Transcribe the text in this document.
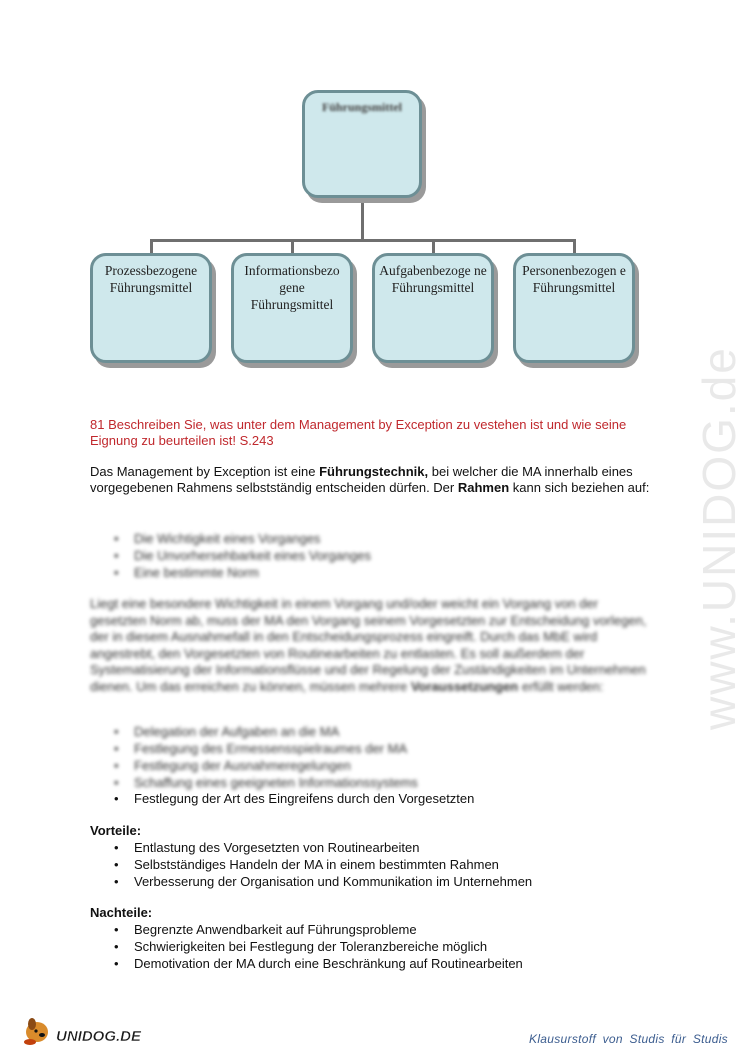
Führungsmittel
Prozessbezogene Führungsmittel
Informationsbezo gene Führungsmittel
Aufgabenbezoge ne Führungsmittel
Personenbezogen e Führungsmittel
81 Beschreiben Sie, was unter dem Management by Exception zu vestehen ist und wie seine Eignung zu beurteilen ist! S.243
Das Management by Exception ist eine Führungstechnik, bei welcher die MA innerhalb eines vorgegebenen Rahmens selbstständig entscheiden dürfen. Der Rahmen kann sich beziehen auf:
• Die Wichtigkeit eines Vorganges
• Die Unvorhersehbarkeit eines Vorganges
• Eine bestimmte Norm
Liegt eine besondere Wichtigkeit in einem Vorgang und/oder weicht ein Vorgang von der gesetzten Norm ab, muss der MA den Vorgang seinem Vorgesetzten zur Entscheidung vorlegen, der in diesem Ausnahmefall in den Entscheidungsprozess eingreift. Durch das MbE wird angestrebt, den Vorgesetzten von Routinearbeiten zu entlasten. Es soll außerdem der Systematisierung der Informationsflüsse und der Regelung der Zuständigkeiten im Unternehmen dienen. Um das erreichen zu können, müssen mehrere Voraussetzungen erfüllt werden:
• Delegation der Aufgaben an die MA
• Festlegung des Ermessensspielraumes der MA
• Festlegung der Ausnahmeregelungen
• Schaffung eines geeigneten Informationssystems
• Festlegung der Art des Eingreifens durch den Vorgesetzten
Vorteile:
• Entlastung des Vorgesetzten von Routinearbeiten
• Selbstständiges Handeln der MA in einem bestimmten Rahmen
• Verbesserung der Organisation und Kommunikation im Unternehmen
Nachteile:
• Begrenzte Anwendbarkeit auf Führungsprobleme
• Schwierigkeiten bei Festlegung der Toleranzbereiche möglich
• Demotivation der MA durch eine Beschränkung auf Routinearbeiten
www.UNIDOG.de
UNIDOG.DE	Klausurstoff von Studis für Studis
